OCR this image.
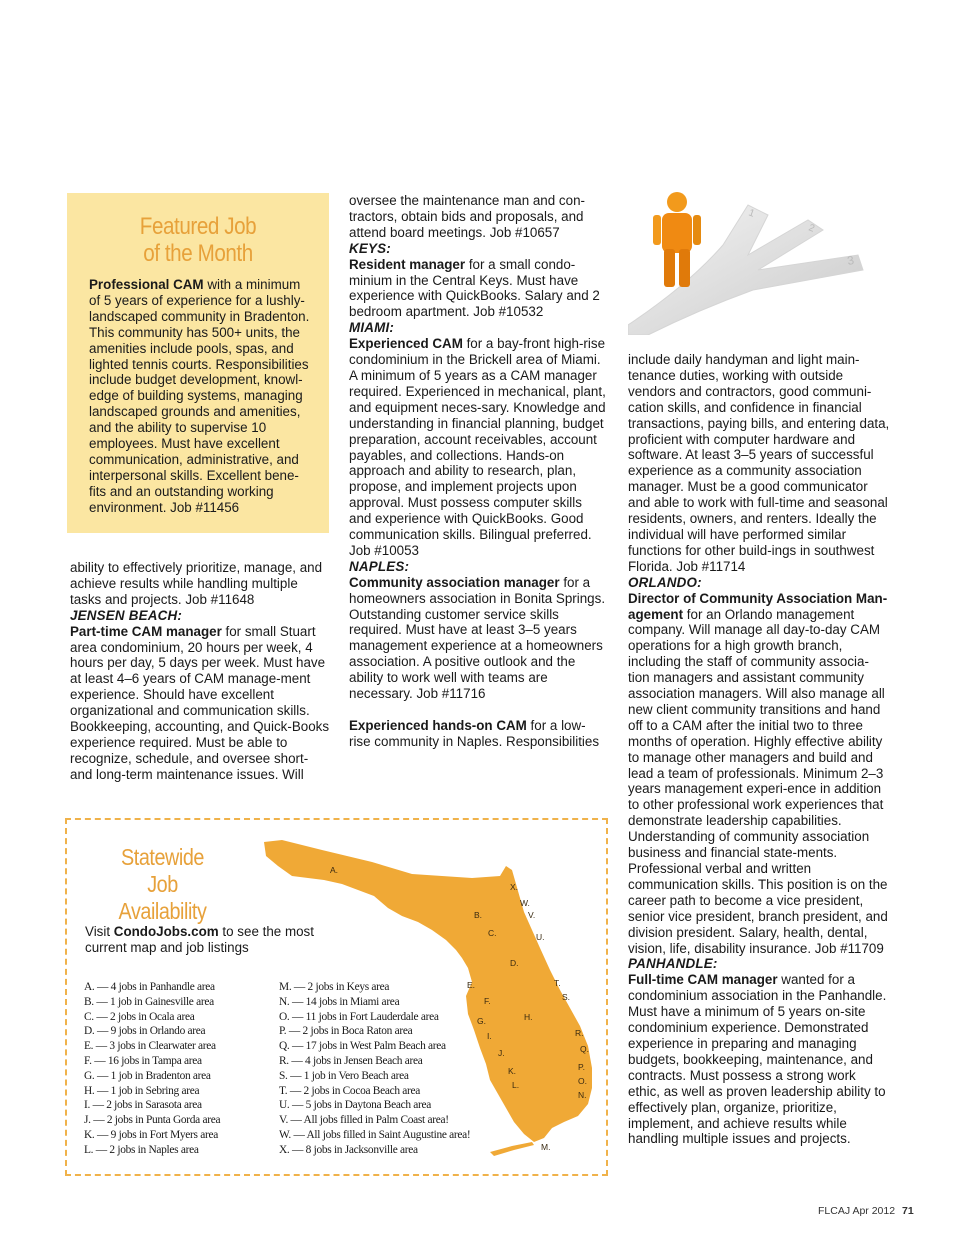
Featured Job
of the Month
Professional CAM with a minimum of 5 years of experience for a lushly-landscaped community in Bradenton. This community has 500+ units, the amenities include pools, spas, and lighted tennis courts. Responsibilities include budget development, knowl-edge of building systems, managing landscaped grounds and amenities, and the ability to supervise 10 employees. Must have excellent communication, administrative, and interpersonal skills. Excellent bene-fits and an outstanding working environment. Job #11456

ability to effectively prioritize, manage, and achieve results while handling multiple tasks and projects. Job #11648

JENSEN BEACH:

Part-time CAM manager for small Stuart area condominium, 20 hours per week, 4 hours per day, 5 days per week. Must have at least 4–6 years of CAM manage-ment experience. Should have excellent organizational and communication skills. Bookkeeping, accounting, and Quick-Books experience required. Must be able to recognize, schedule, and oversee short- and long-term maintenance issues. Will

oversee the maintenance man and con-tractors, obtain bids and proposals, and attend board meetings. Job #10657

KEYS:

Resident manager for a small condo-minium in the Central Keys. Must have experience with QuickBooks. Salary and 2 bedroom apartment. Job #10532

MIAMI:

Experienced CAM for a bay-front high-rise condominium in the Brickell area of Miami. A minimum of 5 years as a CAM manager required. Experienced in mechanical, plant, and equipment neces-sary. Knowledge and understanding in financial planning, budget preparation, account receivables, account payables, and collections. Hands-on approach and ability to research, plan, propose, and implement projects upon approval. Must possess computer skills and experience with QuickBooks. Good communication skills. Bilingual preferred. Job #10053

NAPLES:

Community association manager for a homeowners association in Bonita Springs. Outstanding customer service skills required. Must have at least 3–5 years management experience at a homeowners association. A positive outlook and the ability to work well with teams are necessary. Job #11716

Experienced hands-on CAM for a low-rise community in Naples. Responsibilities

1
2
3

include daily handyman and light main-tenance duties, working with outside vendors and contractors, good communi-cation skills, and confidence in financial transactions, paying bills, and entering data, proficient with computer hardware and software. At least 3–5 years of successful experience as a community association manager. Must be a good communicator and able to work with full-time and seasonal residents, owners, and renters. Ideally the individual will have performed similar functions for other build-ings in southwest Florida. Job #11714

ORLANDO:

Director of Community Association Man-agement for an Orlando management company. Will manage all day-to-day CAM operations for a high growth branch, including the staff of community associa-tion managers and assistant community association managers. Will also manage all new client community transitions and hand off to a CAM after the initial two to three months of operation. Highly effective ability to manage other managers and build and lead a team of professionals. Minimum 2–3 years management experi-ence in addition to other professional work experiences that demonstrate leadership capabilities. Understanding of community association business and financial state-ments. Professional verbal and written communication skills. This position is on the career path to become a vice president, senior vice president, branch president, and division president. Salary, health, dental, vision, life, disability insurance. Job #11709

PANHANDLE:

Full-time CAM manager wanted for a condominium association in the Panhandle. Must have a minimum of 5 years on-site condominium experience. Demonstrated experience in preparing and managing budgets, bookkeeping, maintenance, and contracts. Must possess a strong work ethic, as well as proven leadership ability to effectively plan, organize, prioritize, implement, and achieve results while handling multiple issues and projects.

Statewide Job
Availability
Visit CondoJobs.com to see the most current map and job listings
A. — 4 jobs in Panhandle area
B. — 1 job in Gainesville area
C. — 2 jobs in Ocala area
D. — 9 jobs in Orlando area
E. — 3 jobs in Clearwater area
F. — 16 jobs in Tampa area
G. — 1 job in Bradenton area
H. — 1 job in Sebring area
I. — 2 jobs in Sarasota area
J. — 2 jobs in Punta Gorda area
K. — 9 jobs in Fort Myers area
L. — 2 jobs in Naples area
M. — 2 jobs in Keys area
N. — 14 jobs in Miami area
O. — 11 jobs in Fort Lauderdale area
P. — 2 jobs in Boca Raton area
Q. — 17 jobs in West Palm Beach area
R. — 4 jobs in Jensen Beach area
S. — 1 job in Vero Beach area
T. — 2 jobs in Cocoa Beach area
U. — 5 jobs in Daytona Beach area
V. — All jobs filled in Palm Coast area!
W. — All jobs filled in Saint Augustine area!
X. — 8 jobs in Jacksonville area
A.
X.
W.
V.
B.
C.	U.
D.
T.
S.
E.
F.
G.	H.
R.
Q.
I.
J.
P.
K.
O.
L.
N.
M.
FLCAJ Apr 2012 71
